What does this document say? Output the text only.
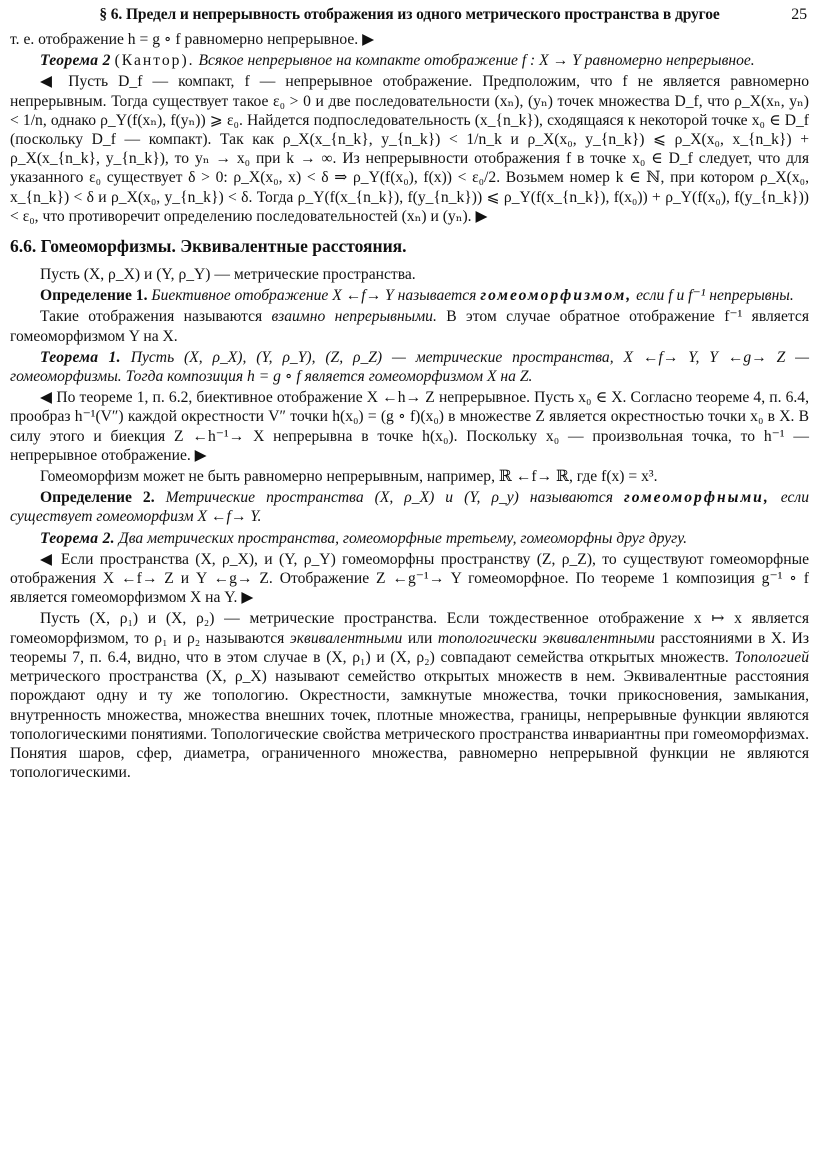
§ 6. Предел и непрерывность отображения из одного метрического пространства в другое	25

т. е. отображение h = g ∘ f равномерно непрерывное. ▶

Теорема 2 (Кантор). Всякое непрерывное на компакте отображение f : X → Y равномерно непрерывное.

◀ Пусть D_f — компакт, f — непрерывное отображение. Предположим, что f не является равномерно непрерывным. Тогда существует такое ε₀ > 0 и две последовательности (xₙ), (yₙ) точек множества D_f, что ρ_X(xₙ, yₙ) < 1/n, однако ρ_Y(f(xₙ), f(yₙ)) ⩾ ε₀. Найдется подпоследовательность (x_{n_k}), сходящаяся к некоторой точке x₀ ∈ D_f (поскольку D_f — компакт). Так как ρ_X(x_{n_k}, y_{n_k}) < 1/n_k и ρ_X(x₀, y_{n_k}) ⩽ ρ_X(x₀, x_{n_k}) + ρ_X(x_{n_k}, y_{n_k}), то yₙ → x₀ при k → ∞. Из непрерывности отображения f в точке x₀ ∈ D_f следует, что для указанного ε₀ существует δ > 0: ρ_X(x₀, x) < δ ⇒ ρ_Y(f(x₀), f(x)) < ε₀/2. Возьмем номер k ∈ ℕ, при котором ρ_X(x₀, x_{n_k}) < δ и ρ_X(x₀, y_{n_k}) < δ. Тогда ρ_Y(f(x_{n_k}), f(y_{n_k})) ⩽ ρ_Y(f(x_{n_k}), f(x₀)) + ρ_Y(f(x₀), f(y_{n_k})) < ε₀, что противоречит определению последовательностей (xₙ) и (yₙ). ▶

6.6. Гомеоморфизмы. Эквивалентные расстояния.

Пусть (X, ρ_X) и (Y, ρ_Y) — метрические пространства.

Определение 1. Биективное отображение X ←f→ Y называется гомеоморфизмом, если f и f⁻¹ непрерывны.

Такие отображения называются взаимно непрерывными. В этом случае обратное отображение f⁻¹ является гомеоморфизмом Y на X.

Теорема 1. Пусть (X, ρ_X), (Y, ρ_Y), (Z, ρ_Z) — метрические пространства, X ←f→ Y, Y ←g→ Z — гомеоморфизмы. Тогда композиция h = g ∘ f является гомеоморфизмом X на Z.

◀ По теореме 1, п. 6.2, биективное отображение X ←h→ Z непрерывное. Пусть x₀ ∈ X. Согласно теореме 4, п. 6.4, прообраз h⁻¹(V″) каждой окрестности V″ точки h(x₀) = (g ∘ f)(x₀) в множестве Z является окрестностью точки x₀ в X. В силу этого и биекция Z ←h⁻¹→ X непрерывна в точке h(x₀). Поскольку x₀ — произвольная точка, то h⁻¹ — непрерывное отображение. ▶

Гомеоморфизм может не быть равномерно непрерывным, например, ℝ ←f→ ℝ, где f(x) = x³.

Определение 2. Метрические пространства (X, ρ_X) и (Y, ρ_y) называются гомеоморфными, если существует гомеоморфизм X ←f→ Y.

Теорема 2. Два метрических пространства, гомеоморфные третьему, гомеоморфны друг другу.

◀ Если пространства (X, ρ_X), и (Y, ρ_Y) гомеоморфны пространству (Z, ρ_Z), то существуют гомеоморфные отображения X ←f→ Z и Y ←g→ Z. Отображение Z ←g⁻¹→ Y гомеоморфное. По теореме 1 композиция g⁻¹ ∘ f является гомеоморфизмом X на Y. ▶

Пусть (X, ρ₁) и (X, ρ₂) — метрические пространства. Если тождественное отображение x ↦ x является гомеоморфизмом, то ρ₁ и ρ₂ называются эквивалентными или топологически эквивалентными расстояниями в X. Из теоремы 7, п. 6.4, видно, что в этом случае в (X, ρ₁) и (X, ρ₂) совпадают семейства открытых множеств. Топологией метрического пространства (X, ρ_X) называют семейство открытых множеств в нем. Эквивалентные расстояния порождают одну и ту же топологию. Окрестности, замкнутые множества, точки прикосновения, замыкания, внутренность множества, множества внешних точек, плотные множества, границы, непрерывные функции являются топологическими понятиями. Топологические свойства метрического пространства инвариантны при гомеоморфизмах. Понятия шаров, сфер, диаметра, ограниченного множества, равномерно непрерывной функции не являются топологическими.
